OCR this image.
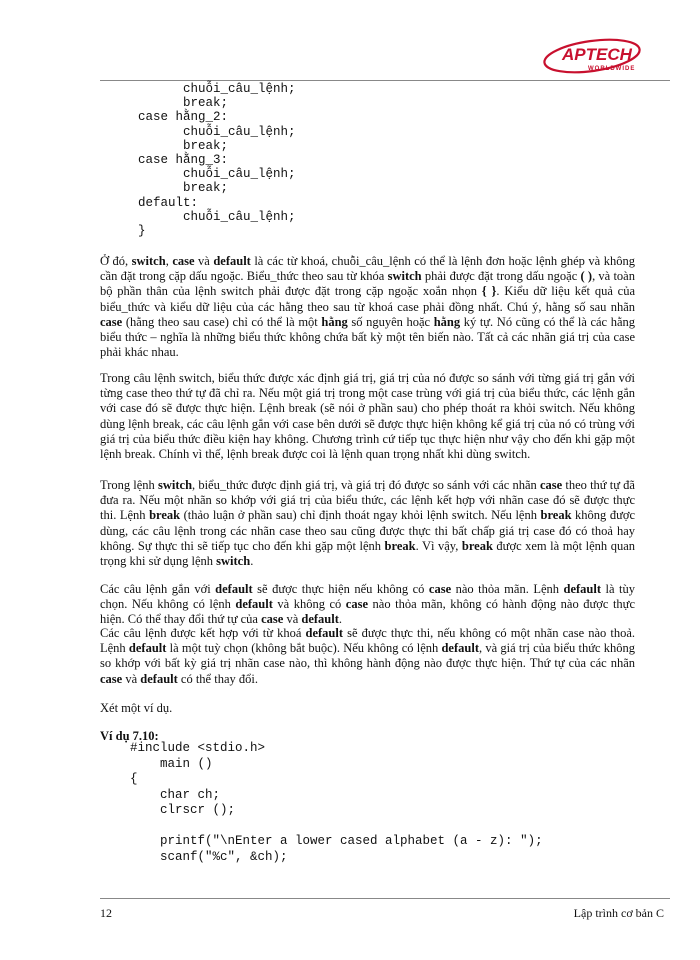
APTECH
WORLDWIDE
chuỗi_câu_lệnh;
break;
case hằng_2:
chuỗi_câu_lệnh;
break;
case hằng_3:
chuỗi_câu_lệnh;
break;
default:
chuỗi_câu_lệnh;
}

Ở đó, switch, case và default là các từ khoá, chuỗi_câu_lệnh có thể là lệnh đơn hoặc lệnh ghép và không cần đặt trong cặp dấu ngoặc. Biểu_thức theo sau từ khóa switch phải được đặt trong dấu ngoặc ( ), và toàn bộ phần thân của lệnh switch phải được đặt trong cặp ngoặc xoắn nhọn { }. Kiểu dữ liệu kết quả của biểu_thức và kiểu dữ liệu của các hằng theo sau từ khoá case phải đồng nhất. Chú ý, hằng số sau nhãn case (hằng theo sau case) chỉ có thể là một hằng số nguyên hoặc hằng ký tự. Nó cũng có thể là các hằng biểu thức – nghĩa là những biểu thức không chứa bất kỳ một tên biến nào. Tất cả các nhãn giá trị của case phải khác nhau.

Trong câu lệnh switch, biểu thức được xác định giá trị, giá trị của nó được so sánh với từng giá trị gắn với từng case theo thứ tự đã chỉ ra. Nếu một giá trị trong một case trùng với giá trị của biểu thức, các lệnh gắn với case đó sẽ được thực hiện. Lệnh break (sẽ nói ở phần sau) cho phép thoát ra khỏi switch. Nếu không dùng lệnh break, các câu lệnh gắn với case bên dưới sẽ được thực hiện không kể giá trị của nó có trùng với giá trị của biểu thức điều kiện hay không. Chương trình cứ tiếp tục thực hiện như vậy cho đến khi gặp một lệnh break. Chính vì thế, lệnh break được coi là lệnh quan trọng nhất khi dùng switch.

Trong lệnh switch, biểu_thức được định giá trị, và giá trị đó được so sánh với các nhãn case theo thứ tự đã đưa ra. Nếu một nhãn so khớp với giá trị của biểu thức, các lệnh kết hợp với nhãn case đó sẽ được thực thi. Lệnh break (thảo luận ở phần sau) chỉ định thoát ngay khỏi lệnh switch. Nếu lệnh break không được dùng, các câu lệnh trong các nhãn case theo sau cũng được thực thi bất chấp giá trị case đó có thoả hay không. Sự thực thi sẽ tiếp tục cho đến khi gặp một lệnh break. Vì vậy, break được xem là một lệnh quan trọng khi sử dụng lệnh switch.

Các câu lệnh gắn với default sẽ được thực hiện nếu không có case nào thỏa mãn. Lệnh default là tùy chọn. Nếu không có lệnh default và không có case nào thỏa mãn, không có hành động nào được thực hiện. Có thể thay đổi thứ tự của case và default.

Các câu lệnh được kết hợp với từ khoá default sẽ được thực thi, nếu không có một nhãn case nào thoả. Lệnh default là một tuỳ chọn (không bắt buộc). Nếu không có lệnh default, và giá trị của biểu thức không so khớp với bất kỳ giá trị nhãn case nào, thì không hành động nào được thực hiện. Thứ tự của các nhãn case và default có thể thay đổi.

Xét một ví dụ.

Ví dụ 7.10:

#include <stdio.h>
main ()
{
char ch;
clrscr ();

printf("\nEnter a lower cased alphabet (a - z): ");
scanf("%c", &ch);
12	Lập trình cơ bản C
